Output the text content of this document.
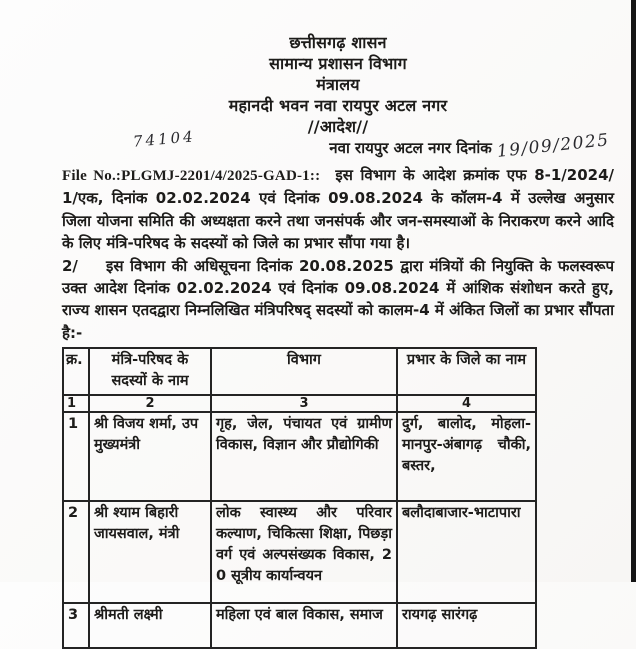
74104
छत्तीसगढ़ शासन
सामान्य प्रशासन विभाग
मंत्रालय
महानदी भवन नवा रायपुर अटल नगर
//आदेश//
नवा रायपुर अटल नगर दिनांक 19/09/2025

File No.:PLGMJ-2201/4/2025-GAD-1:: इस विभाग के आदेश क्रमांक एफ 8-1/2024/ 1/एक, दिनांक 02.02.2024 एवं दिनांक 09.08.2024 के कॉलम-4 में उल्लेख अनुसार जिला योजना समिति की अध्यक्षता करने तथा जनसंपर्क और जन-समस्याओं के निराकरण करने आदि के लिए मंत्रि-परिषद के सदस्यों को जिले का प्रभार सौंपा गया है।

2/ इस विभाग की अधिसूचना दिनांक 20.08.2025 द्वारा मंत्रियों की नियुक्ति के फलस्वरूप उक्त आदेश दिनांक 02.02.2024 एवं दिनांक 09.08.2024 में आंशिक संशोधन करते हुए, राज्य शासन एतदद्वारा निम्नलिखित मंत्रिपरिषद् सदस्यों को कालम-4 में अंकित जिलों का प्रभार सौंपता है:-

क्र.	मंत्रि-परिषद के सदस्यों के नाम	विभाग	प्रभार के जिले का नाम
1	2	3	4
1	श्री विजय शर्मा, उप मुख्यमंत्री	गृह, जेल, पंचायत एवं ग्रामीण विकास, विज्ञान और प्रौद्योगिकी	दुर्ग, बालोद, मोहला-मानपुर-अंबागढ़ चौकी, बस्तर,
2	श्री श्याम बिहारी जायसवाल, मंत्री	लोक स्वास्थ्य और परिवार कल्याण, चिकित्सा शिक्षा, पिछड़ा वर्ग एवं अल्पसंख्यक विकास, 2 0 सूत्रीय कार्यान्वयन	बलौदाबाजार-भाटापारा
3	श्रीमती लक्ष्मी	महिला एवं बाल विकास, समाज	रायगढ़ सारंगढ़
